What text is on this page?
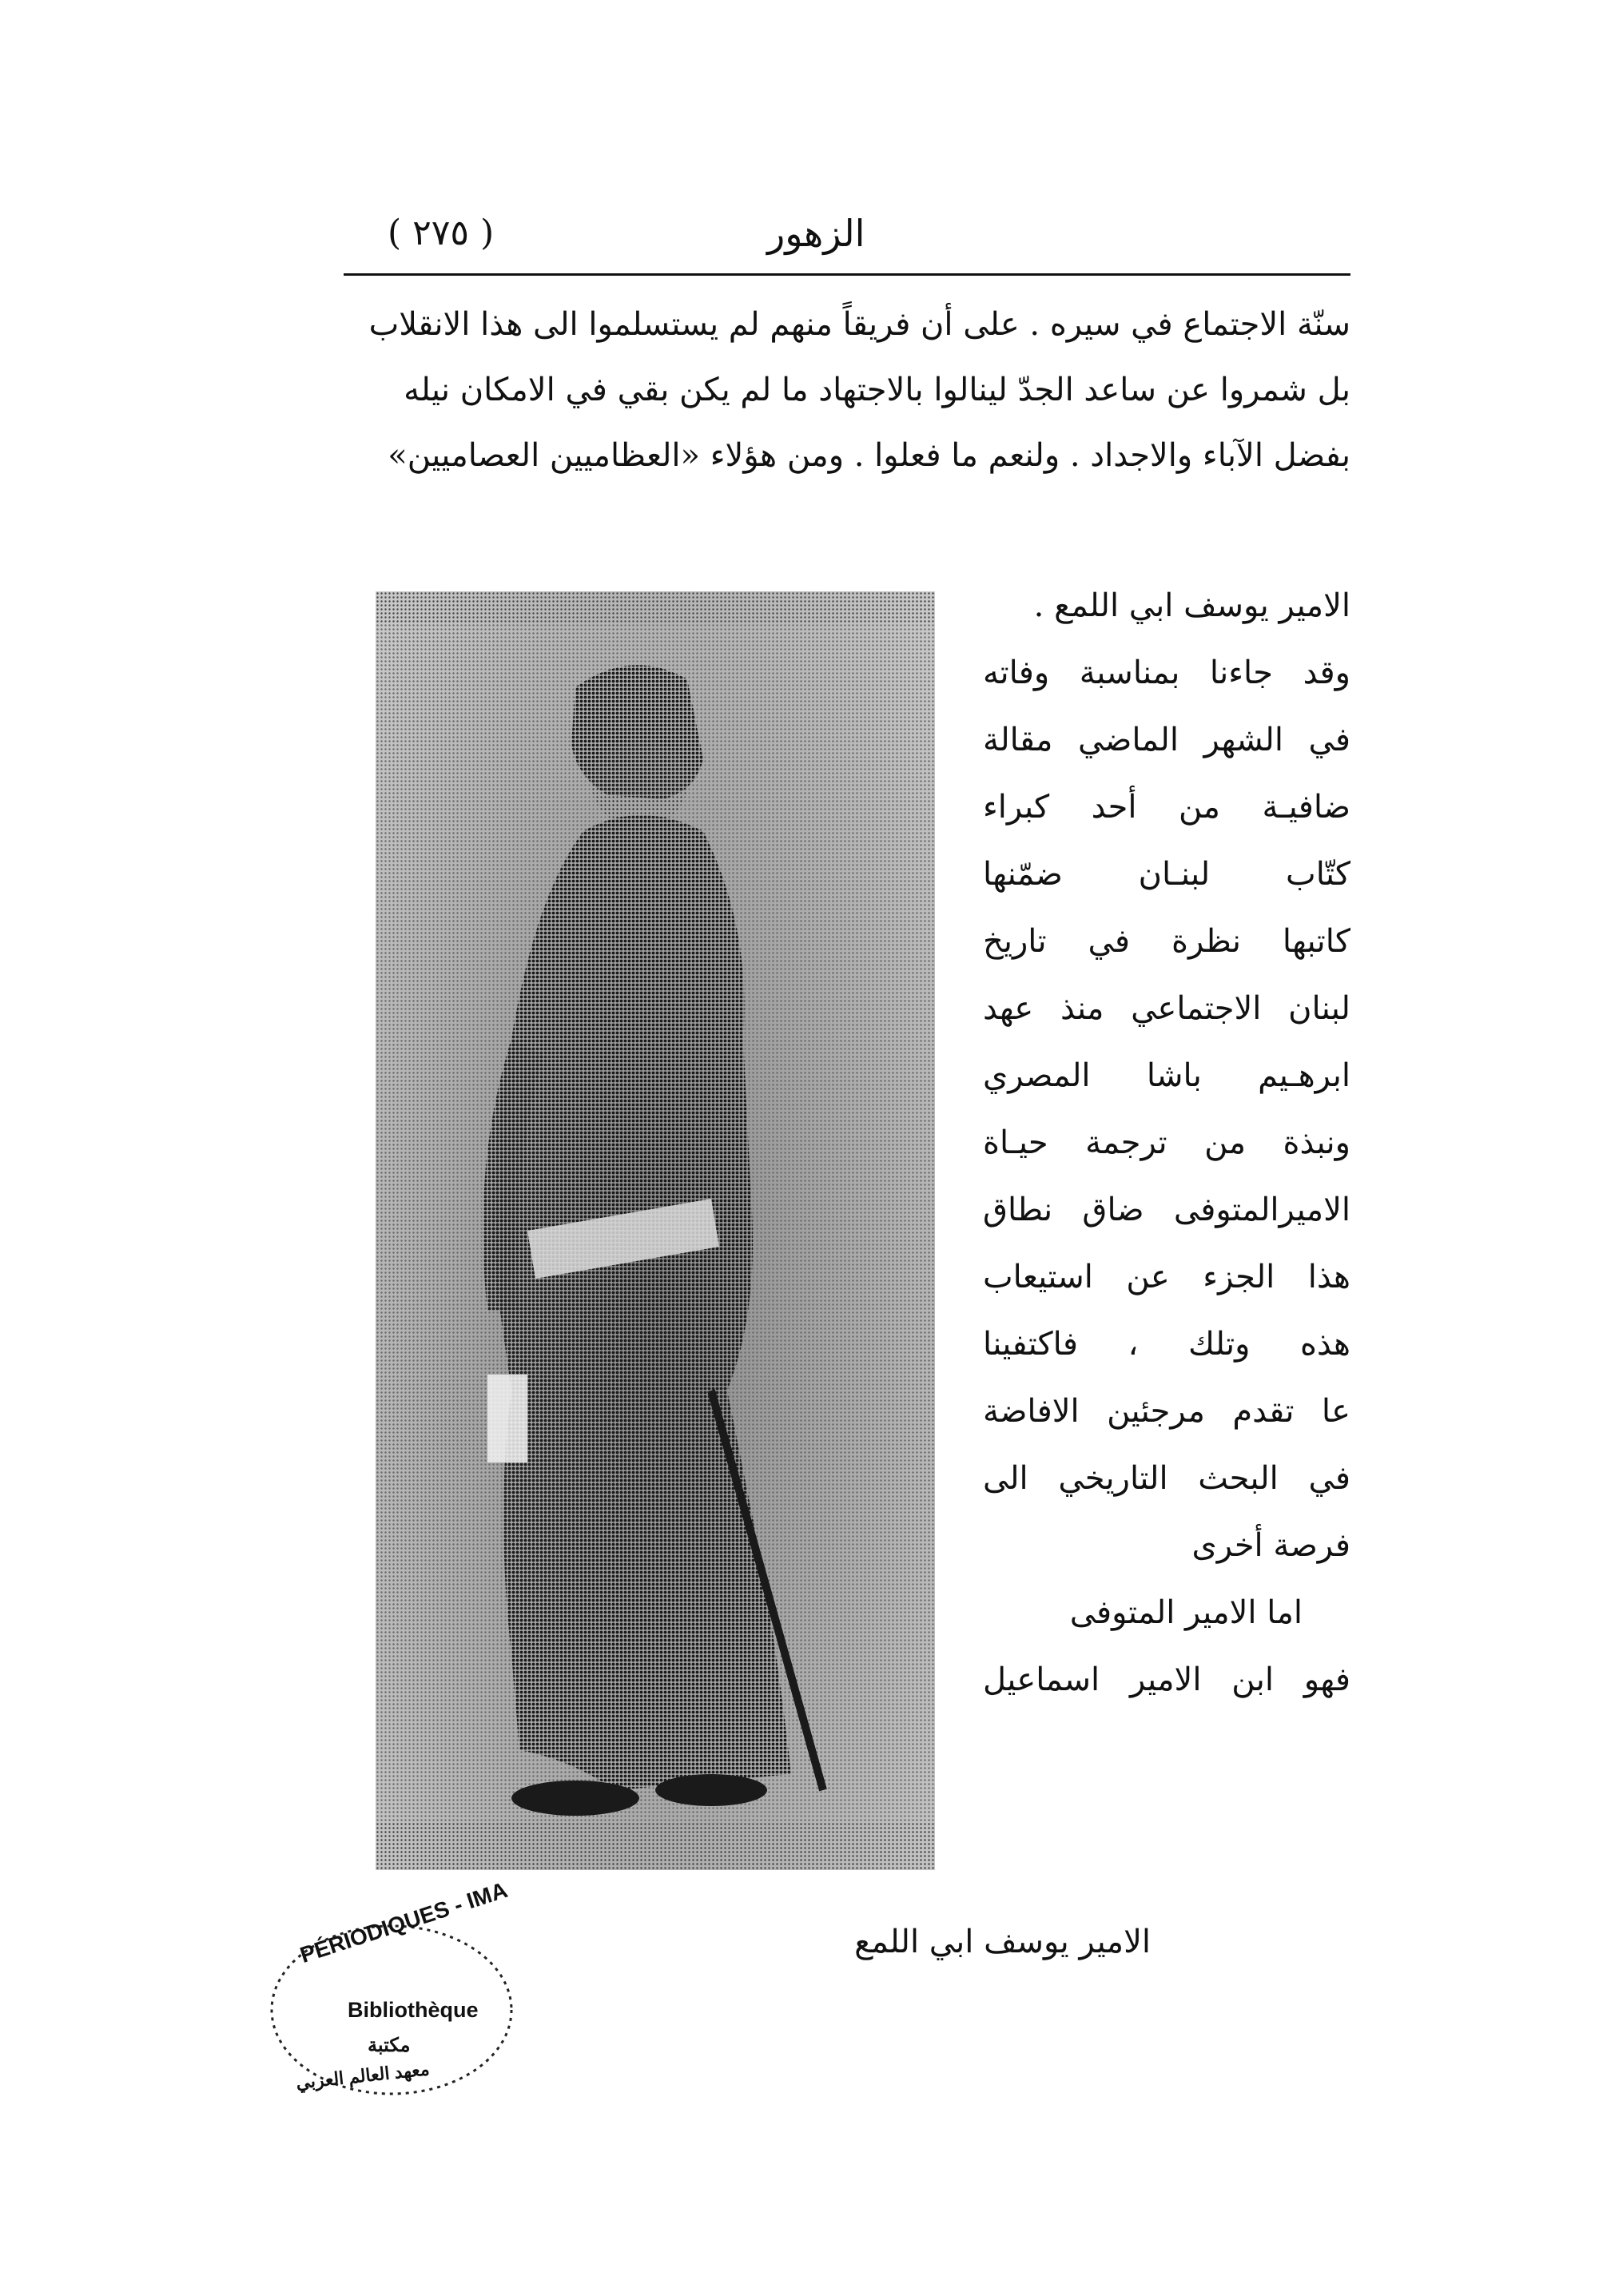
( ٢٧٥ )	الزهور
سنّة الاجتماع في سيره . على أن فريقاً منهم لم يستسلموا الى هذا الانقلاب
بل شمروا عن ساعد الجدّ لينالوا بالاجتهاد ما لم يكن بقي في الامكان نيله
بفضل الآباء والاجداد . ولنعم ما فعلوا . ومن هؤلاء «العظاميين العصاميين»
الامير يوسف ابي اللمع .
وقد جاءنا بمناسبة وفاته
في الشهر الماضي مقالة
ضافيـة من أحد كبراء
كتّاب لبنـان ضمّنها
كاتبها نظرة في تاريخ
لبنان الاجتماعي منذ عهد
ابرهـيم باشا المصري
ونبذة من ترجمة حيـاة
الاميرالمتوفى ضاق نطاق
هذا الجزء عن استيعاب
هذه وتلك ، فاكتفينا
عا تقدم مرجئين الافاضة
في البحث التاريخي الى
فرصة أخرى
اما الامير المتوفى
فهو ابن الامير اسماعيل
الامير يوسف ابي اللمع
PÉRIODIQUES - IMA
Bibliothèque
مكتبة
معهد العالم العربي
